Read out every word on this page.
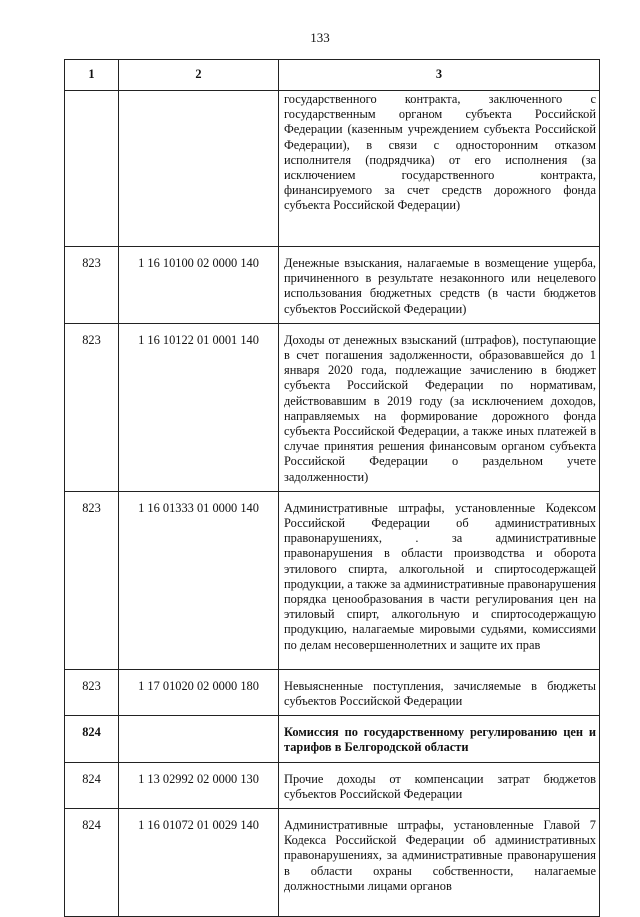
133
1	2	3
		государственного контракта, заключенного с государственным органом субъекта Российской Федерации (казенным учреждением субъекта Российской Федерации), в связи с односторонним отказом исполнителя (подрядчика) от его исполнения (за исключением государственного контракта, финансируемого за счет средств дорожного фонда субъекта Российской Федерации)
823	1 16 10100 02 0000 140	Денежные взыскания, налагаемые в возмещение ущерба, причиненного в результате незаконного или нецелевого использования бюджетных средств (в части бюджетов субъектов Российской Федерации)
823	1 16 10122 01 0001 140	Доходы от денежных взысканий (штрафов), поступающие в счет погашения задолженности, образовавшейся до 1 января 2020 года, подлежащие зачислению в бюджет субъекта Российской Федерации по нормативам, действовавшим в 2019 году (за исключением доходов, направляемых на формирование дорожного фонда субъекта Российской Федерации, а также иных платежей в случае принятия решения финансовым органом субъекта Российской Федерации о раздельном учете задолженности)
823	1 16 01333 01 0000 140	Административные штрафы, установленные Кодексом Российской Федерации об административных правонарушениях, . за административные правонарушения в области производства и оборота этилового спирта, алкогольной и спиртосодержащей продукции, а также за административные правонарушения порядка ценообразования в части регулирования цен на этиловый спирт, алкогольную и спиртосодержащую продукцию, налагаемые мировыми судьями, комиссиями по делам несовершеннолетних и защите их прав
823	1 17 01020 02 0000 180	Невыясненные поступления, зачисляемые в бюджеты субъектов Российской Федерации
824		Комиссия по государственному регулированию цен и тарифов в Белгородской области
824	1 13 02992 02 0000 130	Прочие доходы от компенсации затрат бюджетов субъектов Российской Федерации
824	1 16 01072 01 0029 140	Административные штрафы, установленные Главой 7 Кодекса Российской Федерации об административных правонарушениях, за административные правонарушения в области охраны собственности, налагаемые должностными лицами органов
